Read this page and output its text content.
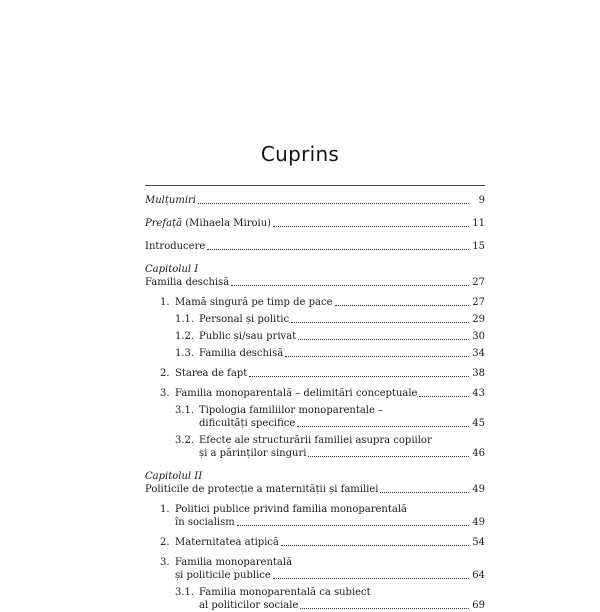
Cuprins
Mulțumiri	9
Prefață (Mihaela Miroiu)	11
Introducere	15
Capitolul I
Familia deschisă	27
1. Mamă singură pe timp de pace	27
1.1. Personal și politic	29
1.2. Public și/sau privat	30
1.3. Familia deschisă	34
2. Starea de fapt	38
3. Familia monoparentală – delimitări conceptuale	43
3.1. Tipologia familiilor monoparentale –
dificultăți specifice	45
3.2. Efecte ale structurării familiei asupra copiilor
și a părinților singuri	46
Capitolul II
Politicile de protecție a maternității și familiei	49
1. Politici publice privind familia monoparentală
în socialism	49
2. Maternitatea atipică	54
3. Familia monoparentală
și politicile publice	64
3.1. Familia monoparentală ca subiect
al politicilor sociale	69
